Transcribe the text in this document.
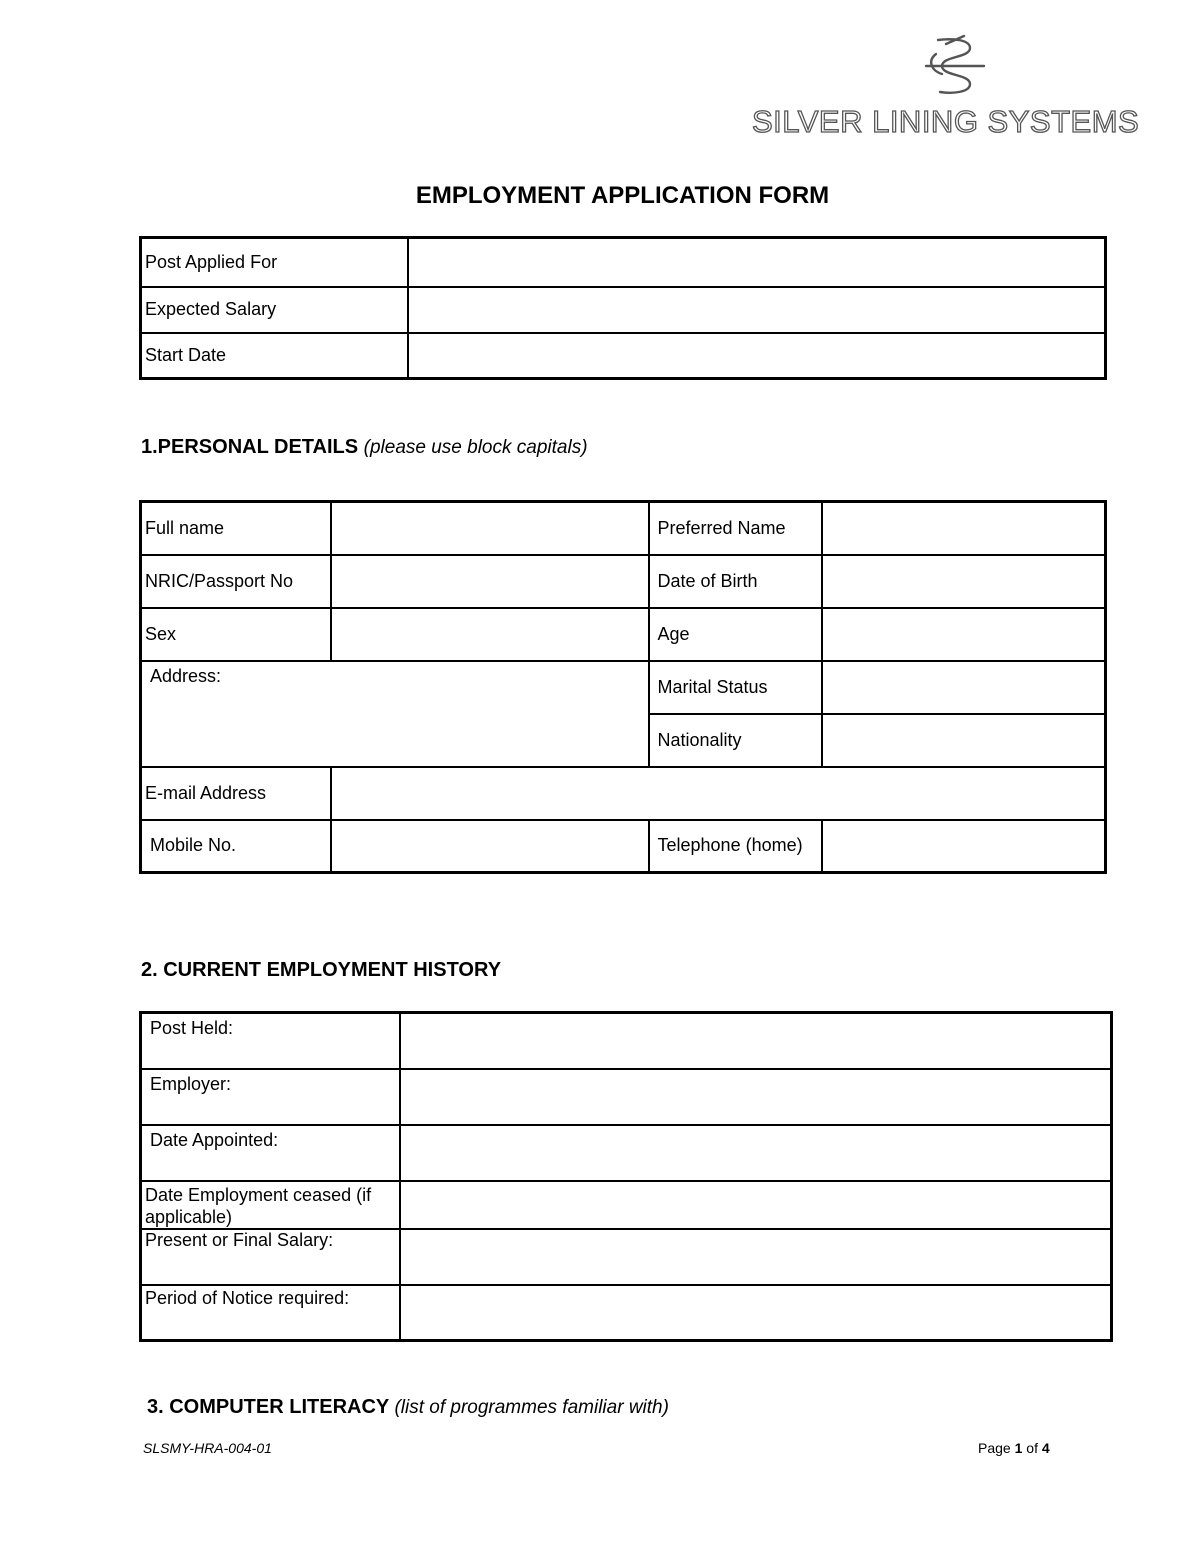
SILVER LINING SYSTEMS
EMPLOYMENT APPLICATION FORM
Post Applied For	
Expected Salary	
Start Date	
1.PERSONAL DETAILS (please use block capitals)
Full name		Preferred Name	
NRIC/Passport No		Date of Birth	
Sex		Age	
Address:		Marital Status	
		Nationality	
E-mail Address			
Mobile No.		Telephone (home)	
2. CURRENT EMPLOYMENT HISTORY
Post Held:	
Employer:	
Date Appointed:	
Date Employment ceased (if applicable)	
Present or Final Salary:	
Period of Notice required:	
3. COMPUTER LITERACY (list of programmes familiar with)
SLSMY-HRA-004-01	Page 1 of 4
